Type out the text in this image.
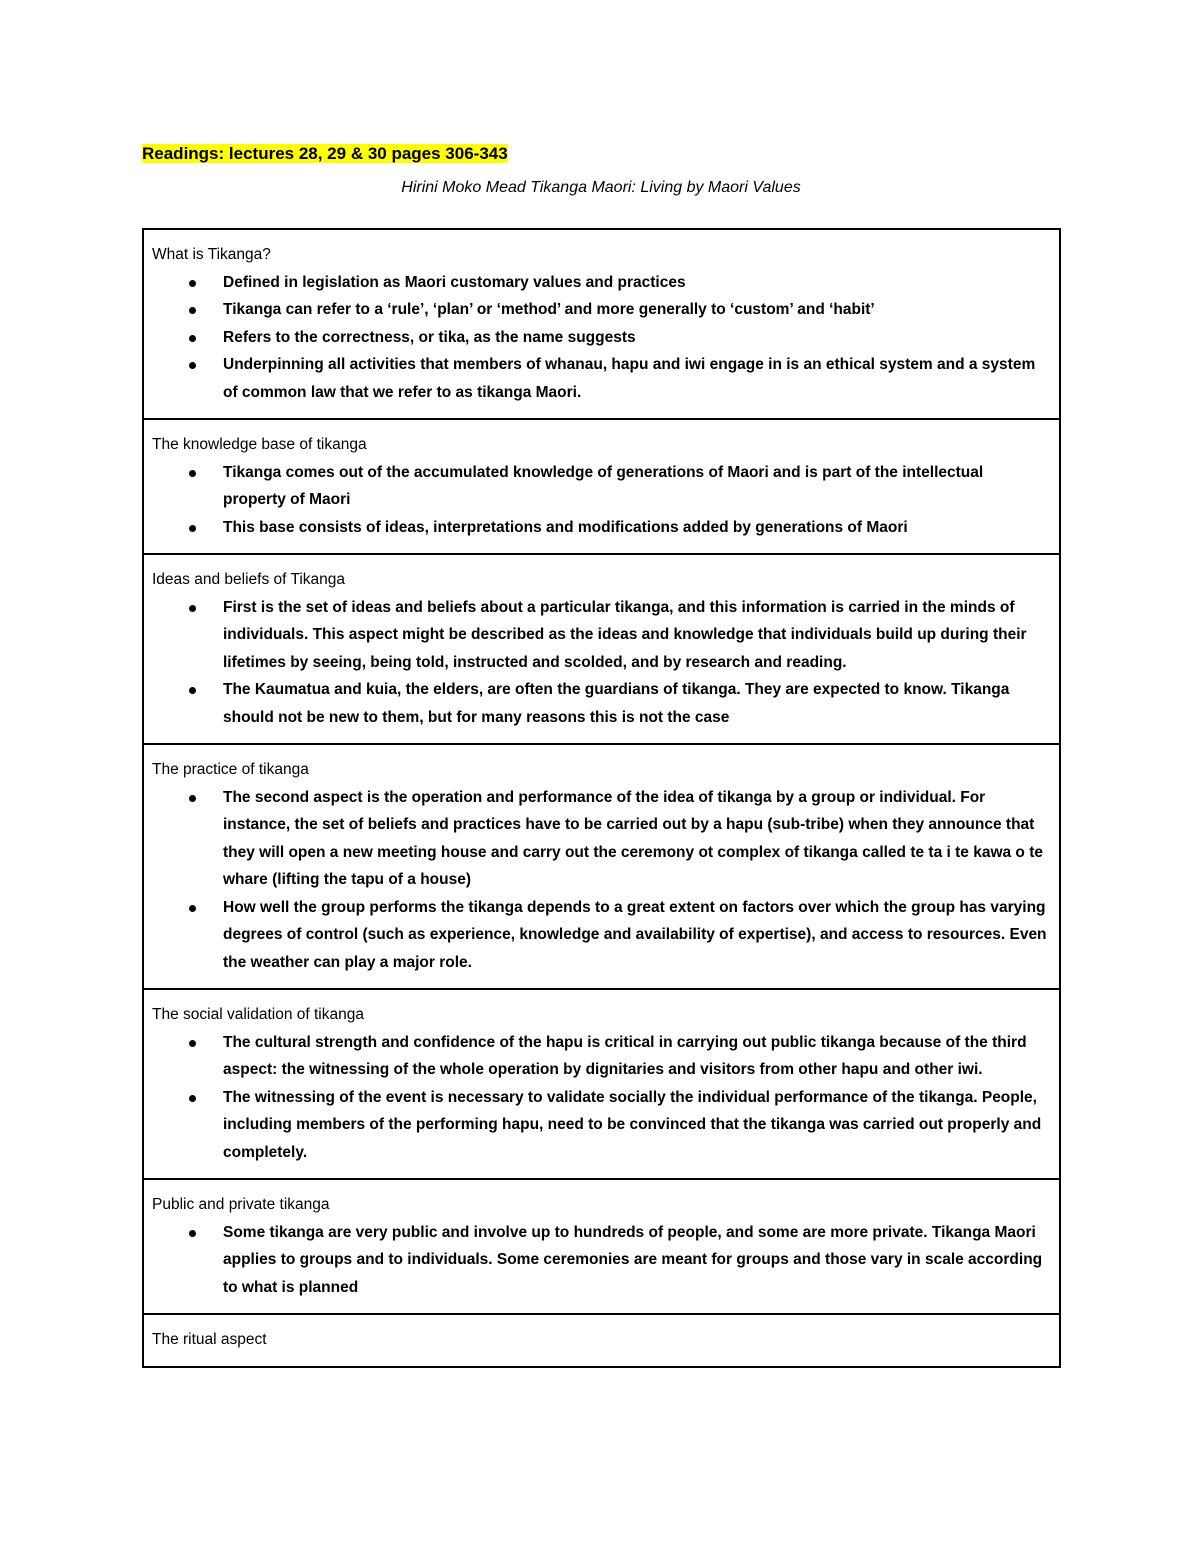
Readings: lectures 28, 29 & 30 pages 306-343

Hirini Moko Mead Tikanga Maori: Living by Maori Values

What is Tikanga?

Defined in legislation as Maori customary values and practices
Tikanga can refer to a ‘rule’, ‘plan’ or ‘method’ and more generally to ‘custom’ and ‘habit’
Refers to the correctness, or tika, as the name suggests
Underpinning all activities that members of whanau, hapu and iwi engage in is an ethical system and a system of common law that we refer to as tikanga Maori.

The knowledge base of tikanga

Tikanga comes out of the accumulated knowledge of generations of Maori and is part of the intellectual property of Maori
This base consists of ideas, interpretations and modifications added by generations of Maori

Ideas and beliefs of Tikanga

First is the set of ideas and beliefs about a particular tikanga, and this information is carried in the minds of individuals. This aspect might be described as the ideas and knowledge that individuals build up during their lifetimes by seeing, being told, instructed and scolded, and by research and reading.
The Kaumatua and kuia, the elders, are often the guardians of tikanga. They are expected to know. Tikanga should not be new to them, but for many reasons this is not the case

The practice of tikanga

The second aspect is the operation and performance of the idea of tikanga by a group or individual. For instance, the set of beliefs and practices have to be carried out by a hapu (sub-tribe) when they announce that they will open a new meeting house and carry out the ceremony ot complex of tikanga called te ta i te kawa o te whare (lifting the tapu of a house)
How well the group performs the tikanga depends to a great extent on factors over which the group has varying degrees of control (such as experience, knowledge and availability of expertise), and access to resources. Even the weather can play a major role.

The social validation of tikanga

The cultural strength and confidence of the hapu is critical in carrying out public tikanga because of the third aspect: the witnessing of the whole operation by dignitaries and visitors from other hapu and other iwi.
The witnessing of the event is necessary to validate socially the individual performance of the tikanga. People, including members of the performing hapu, need to be convinced that the tikanga was carried out properly and completely.

Public and private tikanga

Some tikanga are very public and involve up to hundreds of people, and some are more private. Tikanga Maori applies to groups and to individuals. Some ceremonies are meant for groups and those vary in scale according to what is planned

The ritual aspect
